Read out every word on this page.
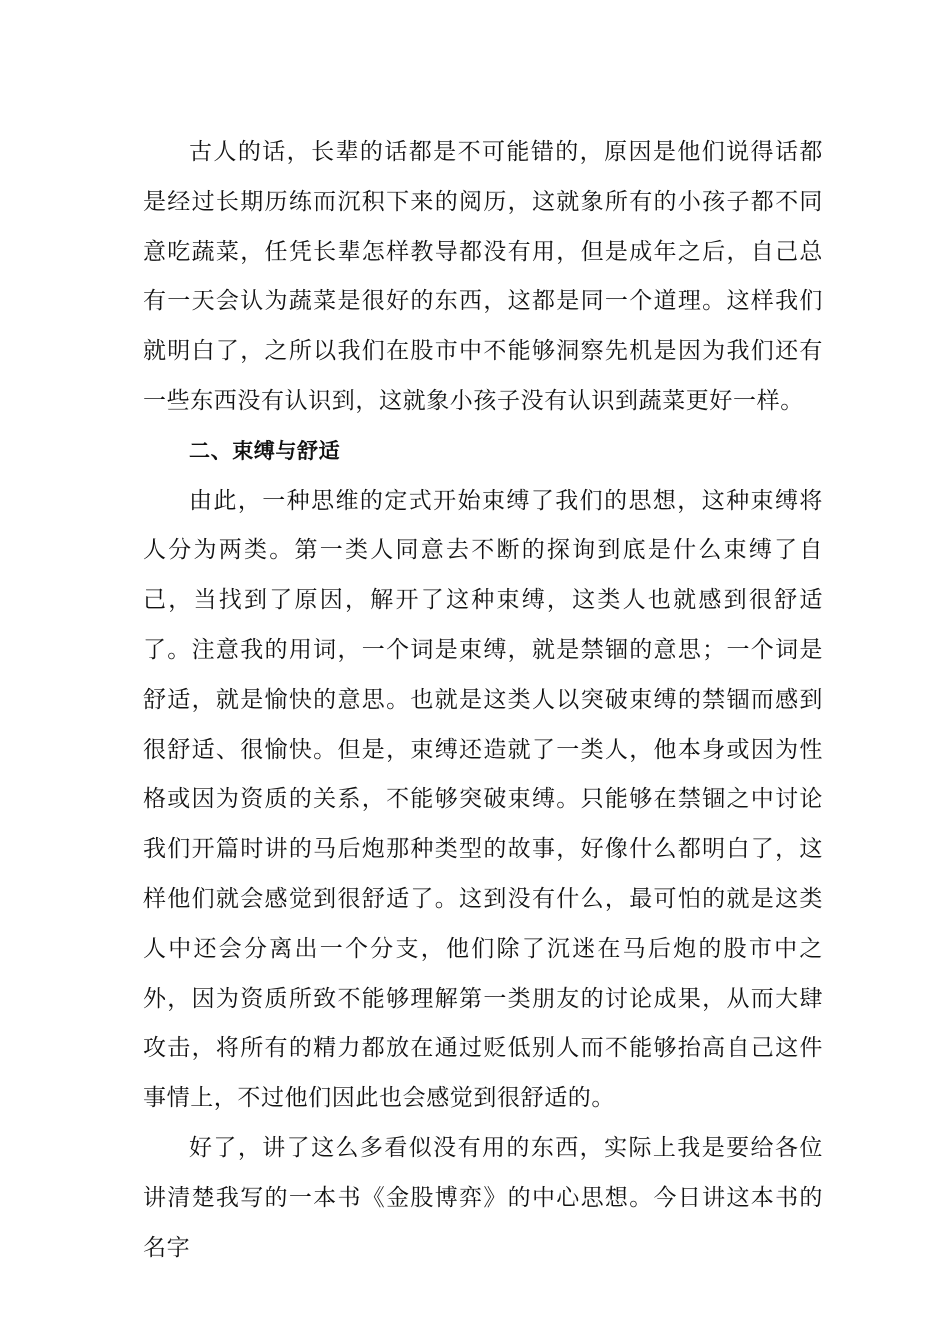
古人的话，长辈的话都是不可能错的，原因是他们说得话都是经过长期历练而沉积下来的阅历，这就象所有的小孩子都不同意吃蔬菜，任凭长辈怎样教导都没有用，但是成年之后，自己总有一天会认为蔬菜是很好的东西，这都是同一个道理。这样我们就明白了，之所以我们在股市中不能够洞察先机是因为我们还有一些东西没有认识到，这就象小孩子没有认识到蔬菜更好一样。

二、束缚与舒适

由此，一种思维的定式开始束缚了我们的思想，这种束缚将人分为两类。第一类人同意去不断的探询到底是什么束缚了自己，当找到了原因，解开了这种束缚，这类人也就感到很舒适了。注意我的用词，一个词是束缚，就是禁锢的意思；一个词是舒适，就是愉快的意思。也就是这类人以突破束缚的禁锢而感到很舒适、很愉快。但是，束缚还造就了一类人，他本身或因为性格或因为资质的关系，不能够突破束缚。只能够在禁锢之中讨论我们开篇时讲的马后炮那种类型的故事，好像什么都明白了，这样他们就会感觉到很舒适了。这到没有什么，最可怕的就是这类人中还会分离出一个分支，他们除了沉迷在马后炮的股市中之外，因为资质所致不能够理解第一类朋友的讨论成果，从而大肆攻击，将所有的精力都放在通过贬低别人而不能够抬高自己这件事情上，不过他们因此也会感觉到很舒适的。

好了，讲了这么多看似没有用的东西，实际上我是要给各位讲清楚我写的一本书《金股博弈》的中心思想。今日讲这本书的名字
